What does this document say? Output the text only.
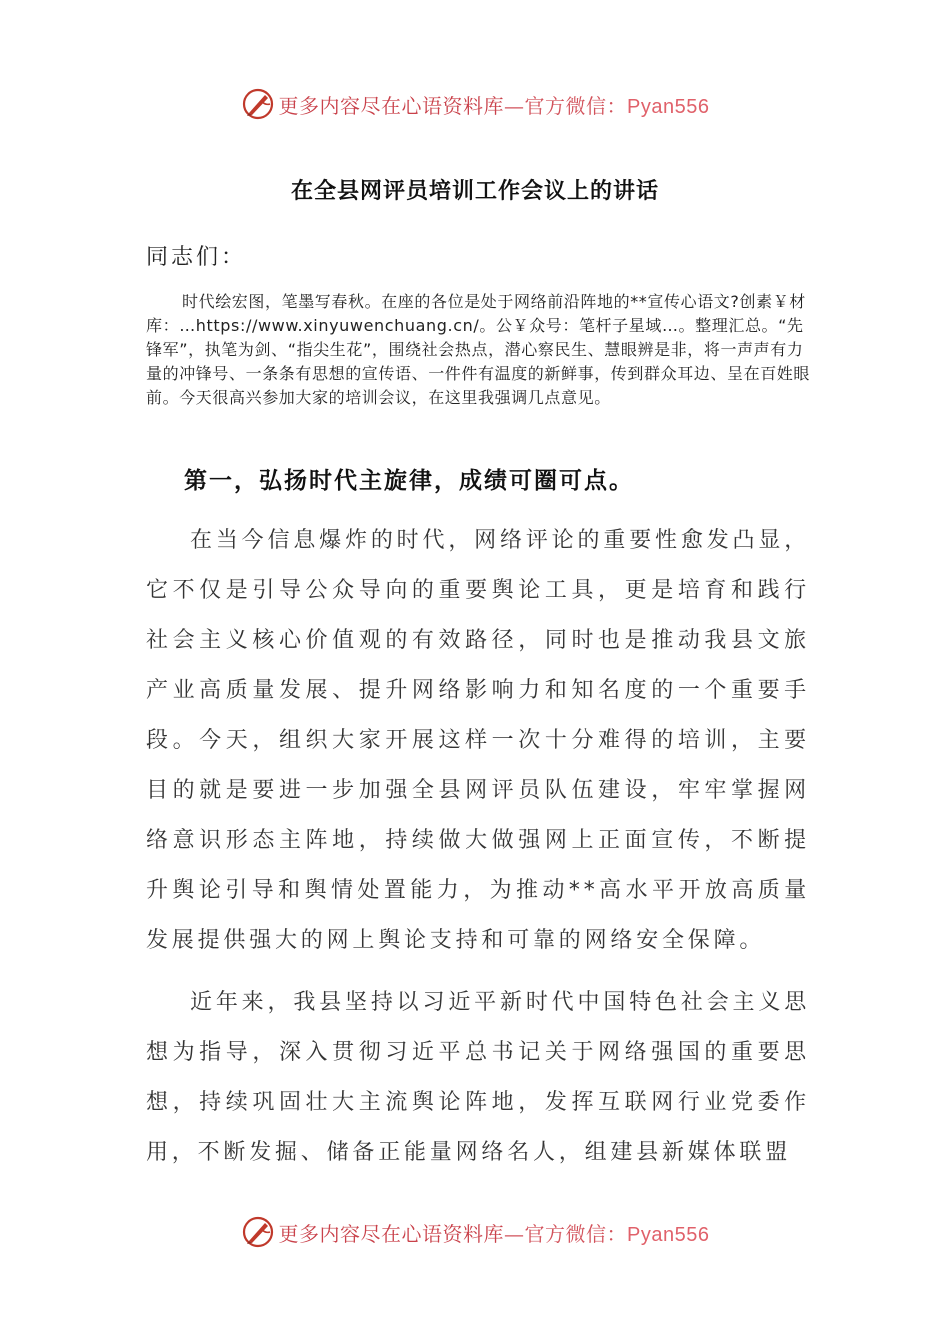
更多内容尽在心语资料库—官方微信：Pyan556
在全县网评员培训工作会议上的讲话
同志们：

时代绘宏图，笔墨写春秋。在座的各位是处于网络前沿阵地的**宣传心语文?创素￥材库：…https://www.xinyuwenchuang.cn/。公￥众号：笔杆子星域…。整理汇总。“先锋军”，执笔为剑、“指尖生花”，围绕社会热点，潜心察民生、慧眼辨是非，将一声声有力量的冲锋号、一条条有思想的宣传语、一件件有温度的新鲜事，传到群众耳边、呈在百姓眼前。今天很高兴参加大家的培训会议，在这里我强调几点意见。

第一，弘扬时代主旋律，成绩可圈可点。

在当今信息爆炸的时代，网络评论的重要性愈发凸显，它不仅是引导公众导向的重要舆论工具，更是培育和践行社会主义核心价值观的有效路径，同时也是推动我县文旅产业高质量发展、提升网络影响力和知名度的一个重要手段。今天，组织大家开展这样一次十分难得的培训，主要目的就是要进一步加强全县网评员队伍建设，牢牢掌握网络意识形态主阵地，持续做大做强网上正面宣传，不断提升舆论引导和舆情处置能力，为推动**高水平开放高质量发展提供强大的网上舆论支持和可靠的网络安全保障。

近年来，我县坚持以习近平新时代中国特色社会主义思想为指导，深入贯彻习近平总书记关于网络强国的重要思想，持续巩固壮大主流舆论阵地，发挥互联网行业党委作用，不断发掘、储备正能量网络名人，组建县新媒体联盟

更多内容尽在心语资料库—官方微信：Pyan556
